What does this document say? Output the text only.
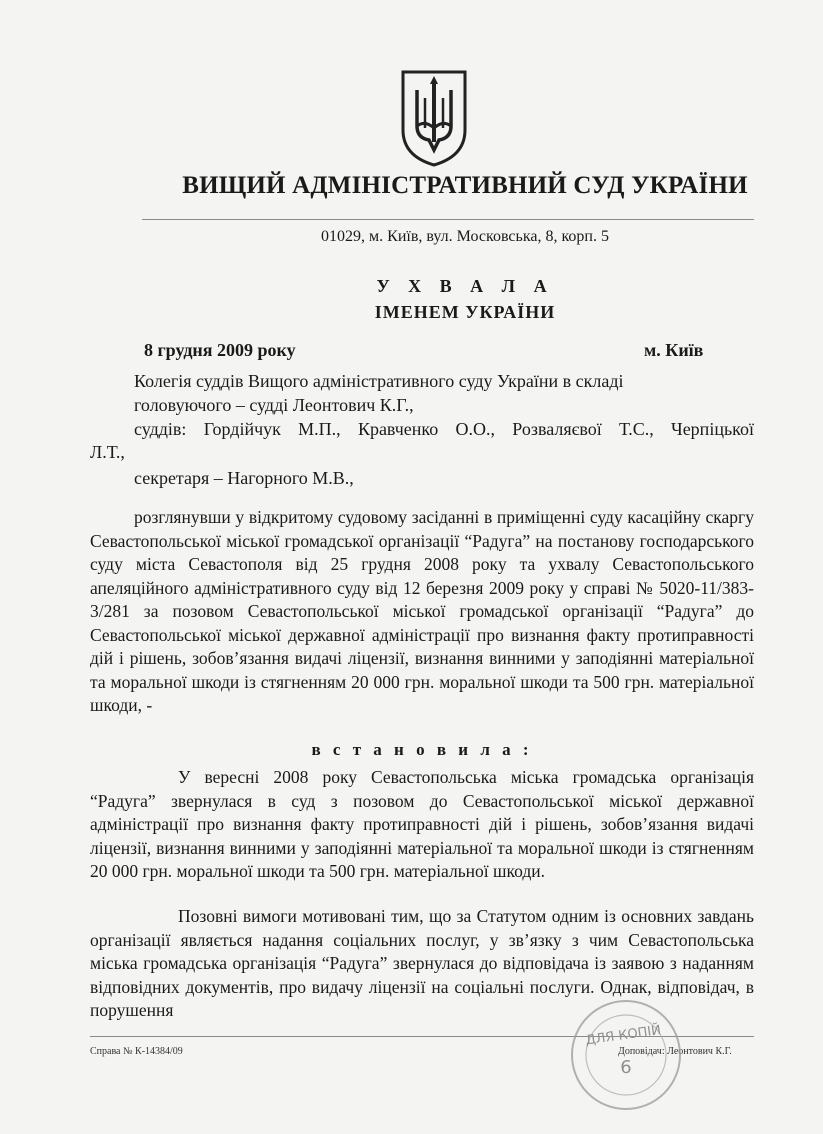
ВИЩИЙ АДМІНІСТРАТИВНИЙ СУД УКРАЇНИ
01029, м. Київ, вул. Московська, 8, корп. 5
У Х В А Л А
ІМЕНЕМ УКРАЇНИ
8 грудня 2009 року	м. Київ
Колегія суддів Вищого адміністративного суду України в складі
головуючого – судді Леонтович К.Г.,
суддів: Гордійчук М.П., Кравченко О.О., Розваляєвої Т.С., Черпіцької
Л.Т.,
секретаря – Нагорного М.В.,
розглянувши у відкритому судовому засіданні в приміщенні суду касаційну скаргу Севастопольської міської громадської організації “Радуга” на постанову господарського суду міста Севастополя від 25 грудня 2008 року та ухвалу Севастопольського апеляційного адміністративного суду від 12 березня 2009 року у справі № 5020-11/383-3/281 за позовом Севастопольської міської громадської організації “Радуга” до Севастопольської міської державної адміністрації про визнання факту протиправності дій і рішень, зобов’язання видачі ліцензії, визнання винними у заподіянні матеріальної та моральної шкоди із стягненням 20 000 грн. моральної шкоди та 500 грн. матеріальної шкоди, -
в с т а н о в и л а :
У вересні 2008 року Севастопольська міська громадська організація “Радуга” звернулася в суд з позовом до Севастопольської міської державної адміністрації про визнання факту протиправності дій і рішень, зобов’язання видачі ліцензії, визнання винними у заподіянні матеріальної та моральної шкоди із стягненням 20 000 грн. моральної шкоди та 500 грн. матеріальної шкоди.
Позовні вимоги мотивовані тим, що за Статутом одним із основних завдань організації являється надання соціальних послуг, у зв’язку з чим Севастопольська міська громадська організація “Радуга” звернулася до відповідача із заявою з наданням відповідних документів, про видачу ліцензії на соціальні послуги. Однак, відповідач, в порушення
Справа № К-14384/09	Доповідач: Леонтович К.Г.
ДЛЯ КОПІЙ
6
